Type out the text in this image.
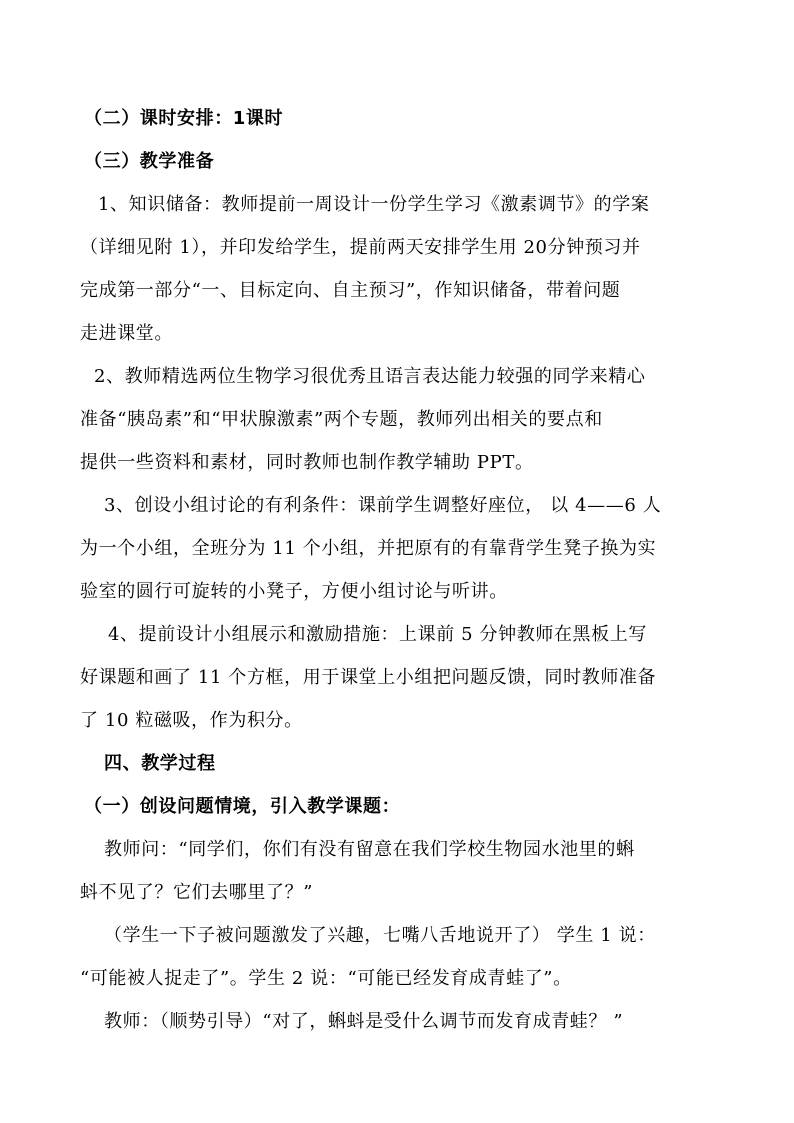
（二）课时安排：1课时
（三）教学准备
1、知识储备：教师提前一周设计一份学生学习《激素调节》的学案
（详细见附 1），并印发给学生，提前两天安排学生用 20分钟预习并
完成第一部分“一、目标定向、自主预习”，作知识储备，带着问题
走进课堂。
2、教师精选两位生物学习很优秀且语言表达能力较强的同学来精心
准备“胰岛素”和“甲状腺激素”两个专题，教师列出相关的要点和
提供一些资料和素材，同时教师也制作教学辅助 PPT。
3、创设小组讨论的有利条件：课前学生调整好座位， 以 4——6 人
为一个小组，全班分为 11 个小组，并把原有的有靠背学生凳子换为实
验室的圆行可旋转的小凳子，方便小组讨论与听讲。
4、提前设计小组展示和激励措施：上课前 5 分钟教师在黑板上写
好课题和画了 11 个方框，用于课堂上小组把问题反馈，同时教师准备
了 10 粒磁吸，作为积分。
四、教学过程
（一）创设问题情境，引入教学课题：
教师问：“同学们，你们有没有留意在我们学校生物园水池里的蝌
蚪不见了？它们去哪里了？”
（学生一下子被问题激发了兴趣，七嘴八舌地说开了） 学生 1 说：
“可能被人捉走了”。学生 2 说：“可能已经发育成青蛙了”。
教师：（顺势引导）“对了，蝌蚪是受什么调节而发育成青蛙？ ”
